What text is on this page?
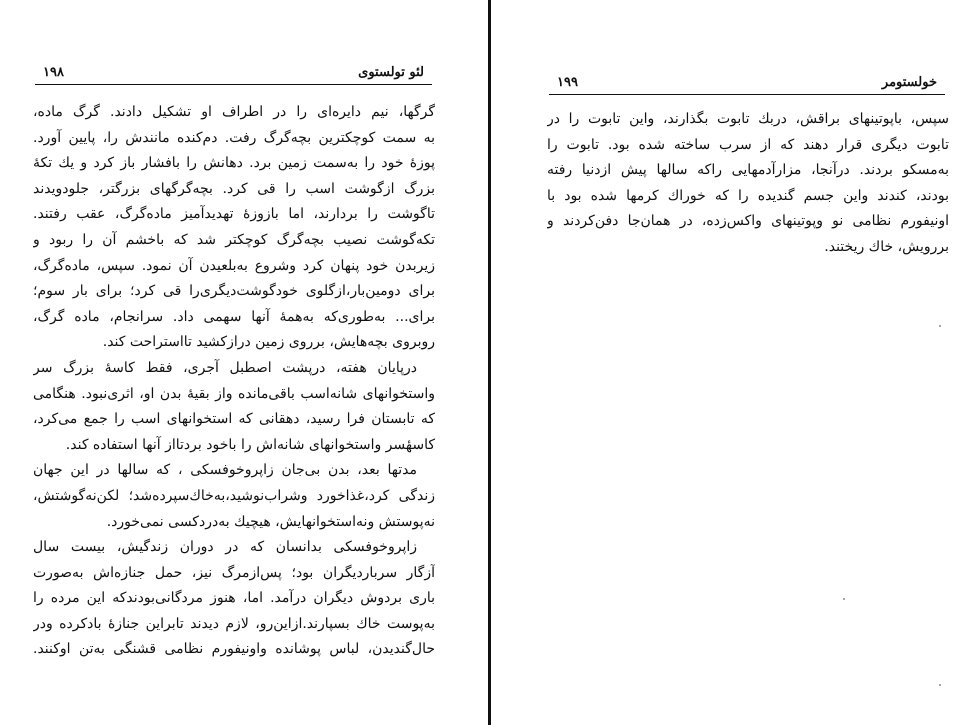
۱۹۸	لئو تولستوی
گرگها، نیم دایره‌ای را در اطراف او تشکیل دادند. گرگ ماده،
به سمت کوچکترین بچه‌گرگ رفت. دم‌کنده مانندش را، پایین آورد.
پوزهٔ خود را به‌سمت زمین برد. دهانش را بافشار باز کرد و یك تکهٔ
بزرگ ازگوشت اسب را قی کرد. بچه‌گرگهای بزرگتر، جلودویدند
تاگوشت را بردارند، اما بازوزهٔ تهدیدآمیز ماده‌گرگ، عقب رفتند.
تکه‌گوشت نصیب بچه‌گرگ کوچکتر شد که باخشم آن را ربود و
زیربدن خود پنهان کرد وشروع به‌بلعیدن آن نمود. سپس، ماده‌گرگ،
برای دومین‌بار،ازگلوی خودگوشت‌دیگری‌را قی کرد؛ برای بار سوم؛
برای... به‌طوری‌که به‌همهٔ آنها سهمی داد. سرانجام، ماده گرگ،
روبروی بچه‌هایش، برروی زمین درازکشید تااستراحت کند.
درپایان هفته، درپشت اصطبل آجری، فقط کاسهٔ بزرگ سر
واستخوانهای شانه‌اسب باقی‌مانده واز بقیهٔ بدن او، اثری‌نبود. هنگامی
که تابستان فرا رسید، دهقانی که استخوانهای اسب را جمع می‌کرد،
کاسهٔسر واستخوانهای شانه‌اش را باخود بردتااز آنها استفاده کند.
مدتها بعد، بدن بی‌جان زاپروخوفسکی ، که سالها در این جهان
زندگی کرد،غذاخورد وشراب‌نوشید،به‌خاك‌سپرده‌شد؛ لکن‌نه‌گوشتش،
نه‌پوستش ونه‌استخوانهایش، هیچیك به‌دردکسی نمی‌خورد.
زاپروخوفسکی بدانسان که در دوران زندگیش، بیست سال
آزگار سرباردیگران بود؛ پس‌ازمرگ نیز، حمل جنازه‌اش به‌صورت
باری بردوش دیگران درآمد. اما، هنوز مردگانی‌بودند‌که این مرده را
به‌پوست خاك بسپارند.ازاین‌رو، لازم دیدند تابراین جنازهٔ بادکرده ودر
حال‌گندیدن، لباس پوشانده واونیفورم نظامی قشنگی به‌تن اوکنند.
۱۹۹	خولستومر
سپس، باپوتینهای براقش، دربك تابوت بگذارند، واین تابوت را در
تابوت دیگری قرار دهند که از سرب ساخته شده بود. تابوت را
به‌مسکو بردند. درآنجا، مزارآدمهایی راکه سالها پیش ازدنیا رفته
بودند، کندند واین جسم گندیده را که خوراك کرمها شده بود با
اونیفورم نظامی نو وپوتینهای واکس‌زده، در همان‌جا دفن‌کردند و
بررویش، خاك ریختند.
